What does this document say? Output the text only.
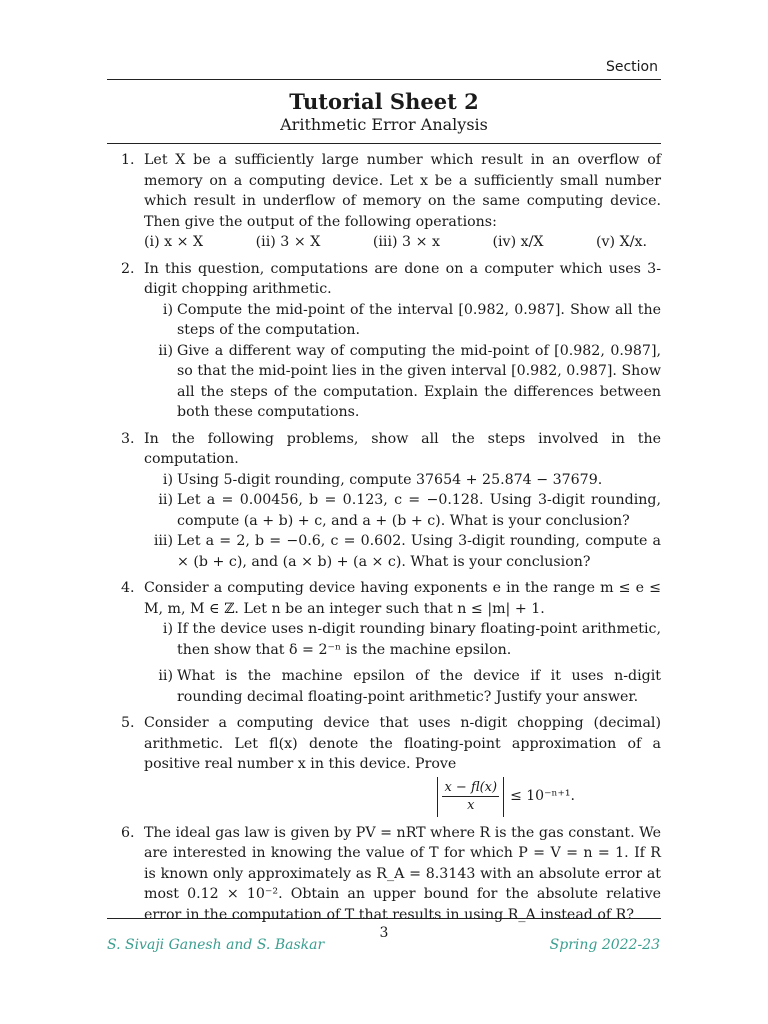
Section
Tutorial Sheet 2
Arithmetic Error Analysis
1. Let X be a sufficiently large number which result in an overflow of memory on a computing device. Let x be a sufficiently small number which result in underflow of memory on the same computing device. Then give the output of the following operations:
(i) x × X	(ii) 3 × X	(iii) 3 × x	(iv) x/X	(v) X/x.
2. In this question, computations are done on a computer which uses 3-digit chopping arithmetic.
i) Compute the mid-point of the interval [0.982, 0.987]. Show all the steps of the computation.
ii) Give a different way of computing the mid-point of [0.982, 0.987], so that the mid-point lies in the given interval [0.982, 0.987]. Show all the steps of the computation. Explain the differences between both these computations.
3. In the following problems, show all the steps involved in the computation.
i) Using 5-digit rounding, compute 37654 + 25.874 − 37679.
ii) Let a = 0.00456, b = 0.123, c = −0.128. Using 3-digit rounding, compute (a + b) + c, and a + (b + c). What is your conclusion?
iii) Let a = 2, b = −0.6, c = 0.602. Using 3-digit rounding, compute a × (b + c), and (a × b) + (a × c). What is your conclusion?
4. Consider a computing device having exponents e in the range m ≤ e ≤ M, m, M ∈ ℤ. Let n be an integer such that n ≤ |m| + 1.
i) If the device uses n-digit rounding binary floating-point arithmetic, then show that δ = 2⁻ⁿ is the machine epsilon.
ii) What is the machine epsilon of the device if it uses n-digit rounding decimal floating-point arithmetic? Justify your answer.
5. Consider a computing device that uses n-digit chopping (decimal) arithmetic. Let fl(x) denote the floating-point approximation of a positive real number x in this device. Prove
$\frac{x - fl(x)}{x} \le 10^{-n+1}$.
6. The ideal gas law is given by PV = nRT where R is the gas constant. We are interested in knowing the value of T for which P = V = n = 1. If R is known only approximately as R_A = 8.3143 with an absolute error at most 0.12 × 10⁻². Obtain an upper bound for the absolute relative error in the computation of T that results in using R_A instead of R?
3
S. Sivaji Ganesh and S. Baskar	Spring 2022-23
